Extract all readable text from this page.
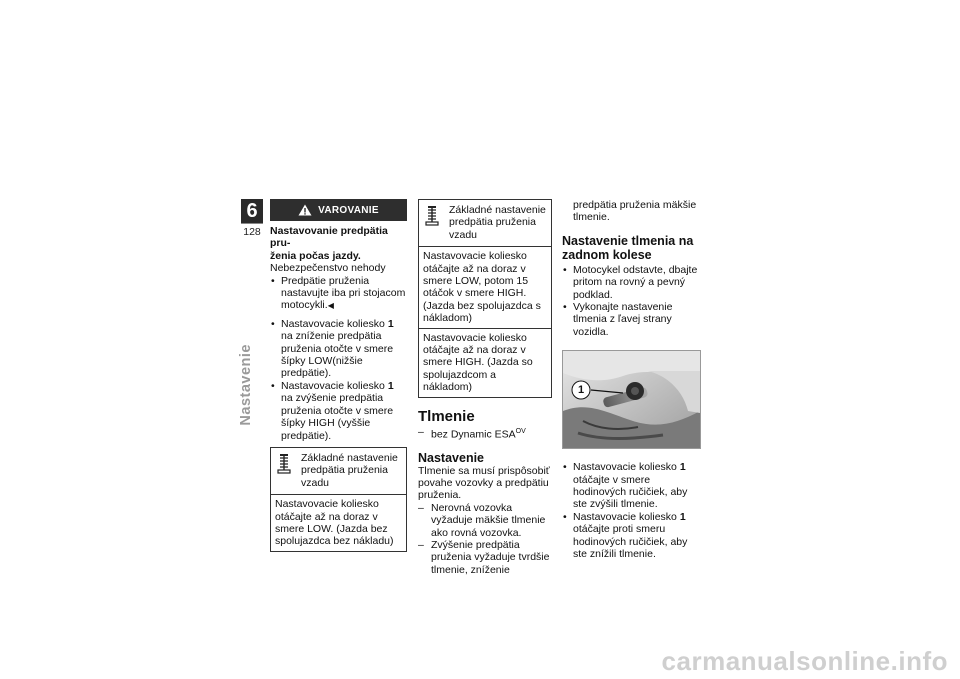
6
128
Nastavenie
VAROVANIE
Nastavovanie predpätia pru-
ženia počas jazdy.
Nebezpečenstvo nehody
• Predpätie pruženia nastavujte iba pri stojacom motocykli.◀
• Nastavovacie koliesko 1 na zníženie predpätia pruženia otočte v smere šípky LOW(nižšie predpätie).
• Nastavovacie koliesko 1 na zvýšenie predpätia pruženia otočte v smere šípky HIGH (vyššie predpätie).
Základné nastavenie predpätia pruženia vzadu
Nastavovacie koliesko otáčajte až na doraz v smere LOW. (Jazda bez spolujazdca bez nákladu)
Základné nastavenie predpätia pruženia vzadu
Nastavovacie koliesko otáčajte až na doraz v smere LOW, potom 15 otáčok v smere HIGH. (Jazda bez spolujazdca s nákladom)
Nastavovacie koliesko otáčajte až na doraz v smere HIGH. (Jazda so spolujazdcom a nákladom)
Tlmenie
– bez Dynamic $ESA^{OV}$
Nastavenie
Tlmenie sa musí prispôsobiť povahe vozovky a predpätiu pruženia.
– Nerovná vozovka vyžaduje mäkšie tlmenie ako rovná vozovka.
– Zvýšenie predpätia pruženia vyžaduje tvrdšie tlmenie, zníženie
predpätia pruženia mäkšie tlmenie.
Nastavenie tlmenia na zadnom kolese
• Motocykel odstavte, dbajte pritom na rovný a pevný podklad.
• Vykonajte nastavenie tlmenia z ľavej strany vozidla.
1
• Nastavovacie koliesko 1 otáčajte v smere hodinových ručičiek, aby ste zvýšili tlmenie.
• Nastavovacie koliesko 1 otáčajte proti smeru hodinových ručičiek, aby ste znížili tlmenie.
carmanualsonline.info
